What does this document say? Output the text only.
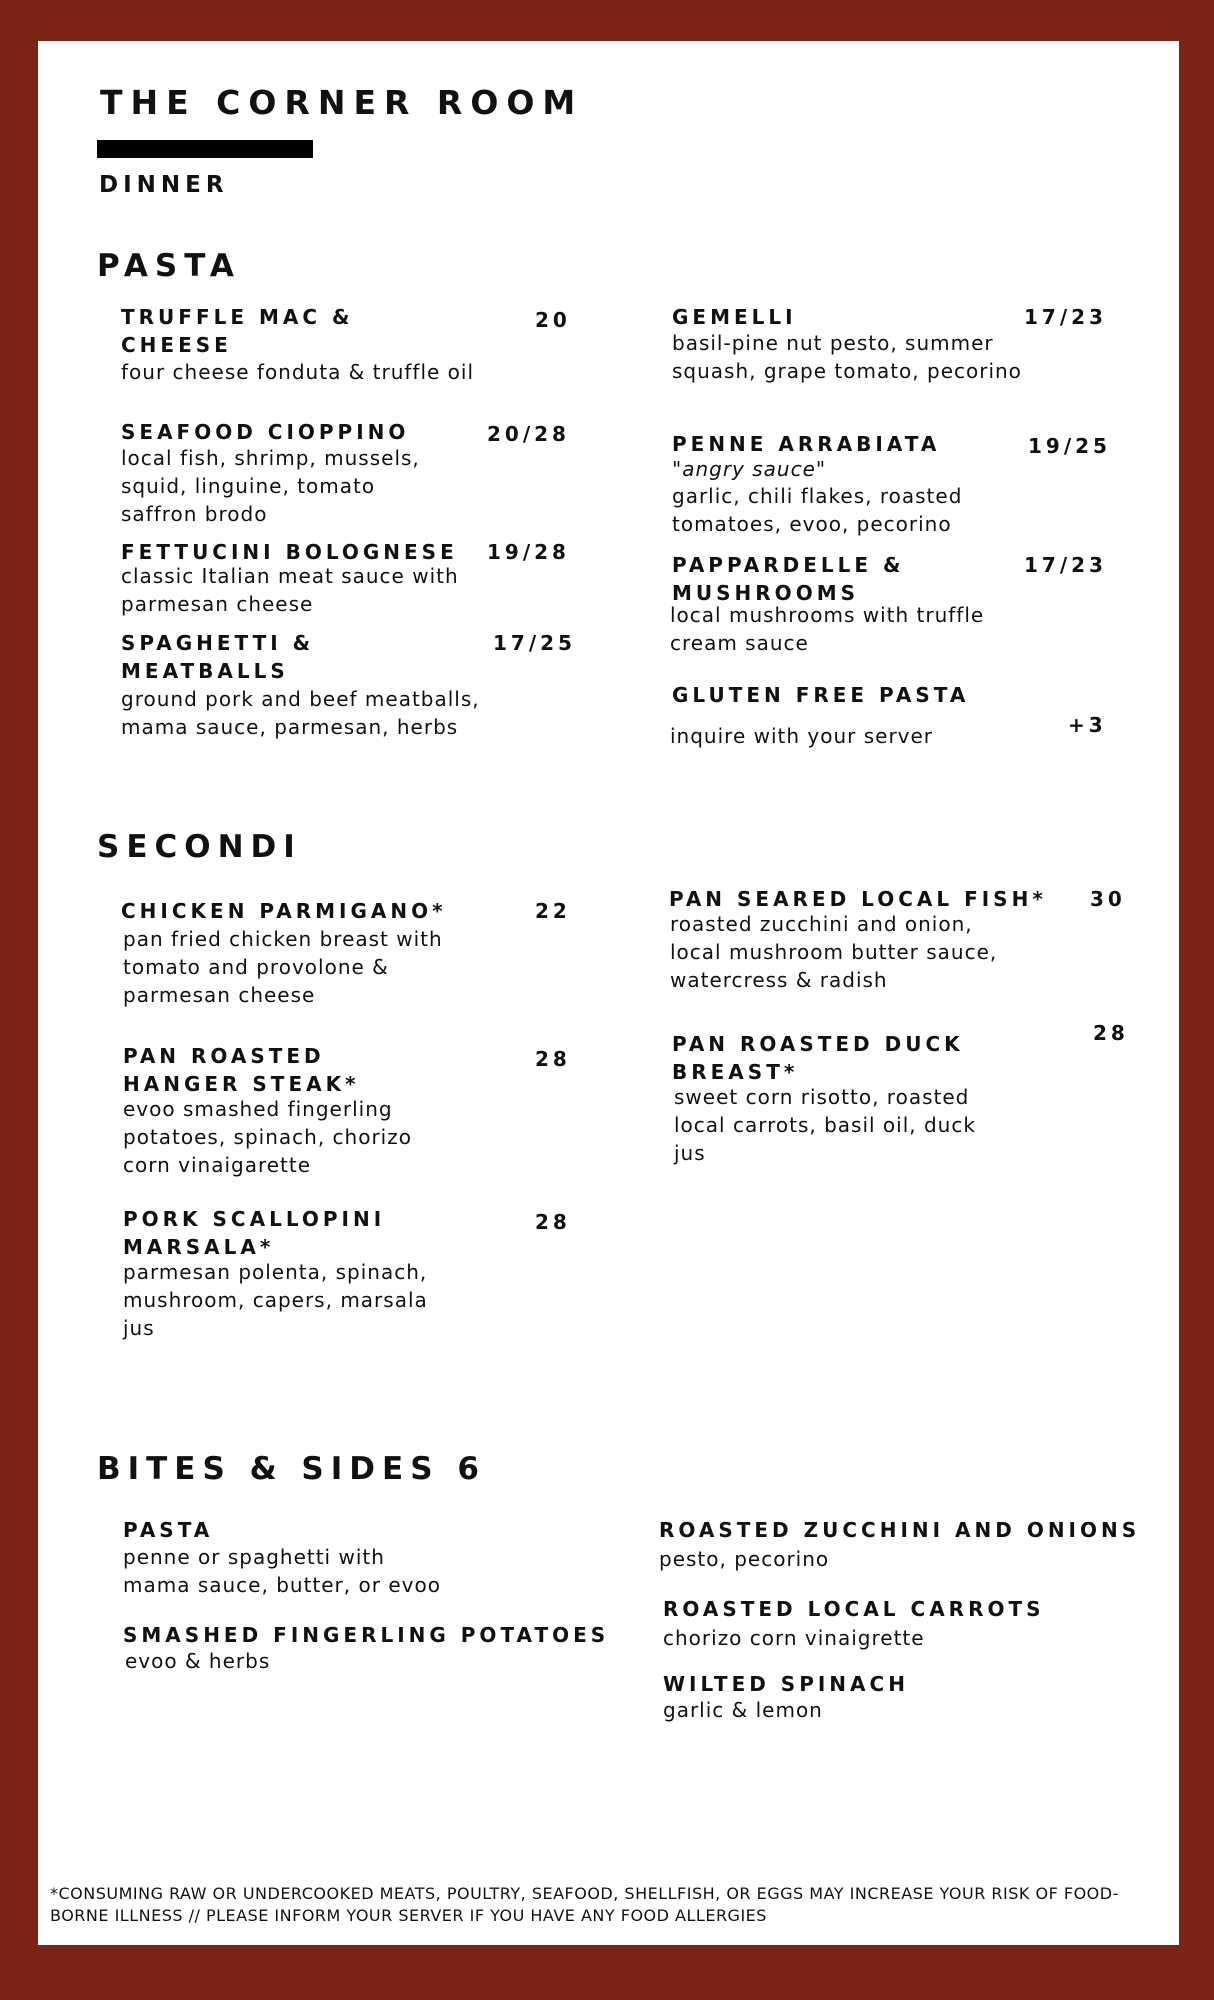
THE CORNER ROOM
DINNER
PASTA
SECONDI
BITES & SIDES 6
TRUFFLE MAC &
CHEESE
20
four cheese fonduta & truffle oil
SEAFOOD CIOPPINO	20/28
local fish, shrimp, mussels,
squid, linguine, tomato
saffron brodo
FETTUCINI BOLOGNESE 19/28
classic Italian meat sauce with
parmesan cheese
SPAGHETTI &
MEATBALLS
17/25
ground pork and beef meatballs,
mama sauce, parmesan, herbs
GEMELLI	17/23
basil-pine nut pesto, summer
squash, grape tomato, pecorino
PENNE ARRABIATA	19/25
"angry sauce"
garlic, chili flakes, roasted
tomatoes, evoo, pecorino
PAPPARDELLE &
MUSHROOMS
17/23
local mushrooms with truffle
cream sauce
GLUTEN FREE PASTA
+3
inquire with your server
CHICKEN PARMIGANO*	22
pan fried chicken breast with
tomato and provolone &
parmesan cheese
PAN ROASTED
HANGER STEAK*
28
evoo smashed fingerling
potatoes, spinach, chorizo
corn vinaigarette
PORK SCALLOPINI
MARSALA*
28
parmesan polenta, spinach,
mushroom, capers, marsala
jus
PAN SEARED LOCAL FISH* 30
roasted zucchini and onion,
local mushroom butter sauce,
watercress & radish
PAN ROASTED DUCK
BREAST*
28
sweet corn risotto, roasted
local carrots, basil oil, duck
jus
PASTA
penne or spaghetti with
mama sauce, butter, or evoo
SMASHED FINGERLING POTATOES
evoo & herbs
ROASTED ZUCCHINI AND ONIONS
pesto, pecorino
ROASTED LOCAL CARROTS
chorizo corn vinaigrette
WILTED SPINACH
garlic & lemon
*CONSUMING RAW OR UNDERCOOKED MEATS, POULTRY, SEAFOOD, SHELLFISH, OR EGGS MAY INCREASE YOUR RISK OF FOOD-
BORNE ILLNESS // PLEASE INFORM YOUR SERVER IF YOU HAVE ANY FOOD ALLERGIES
